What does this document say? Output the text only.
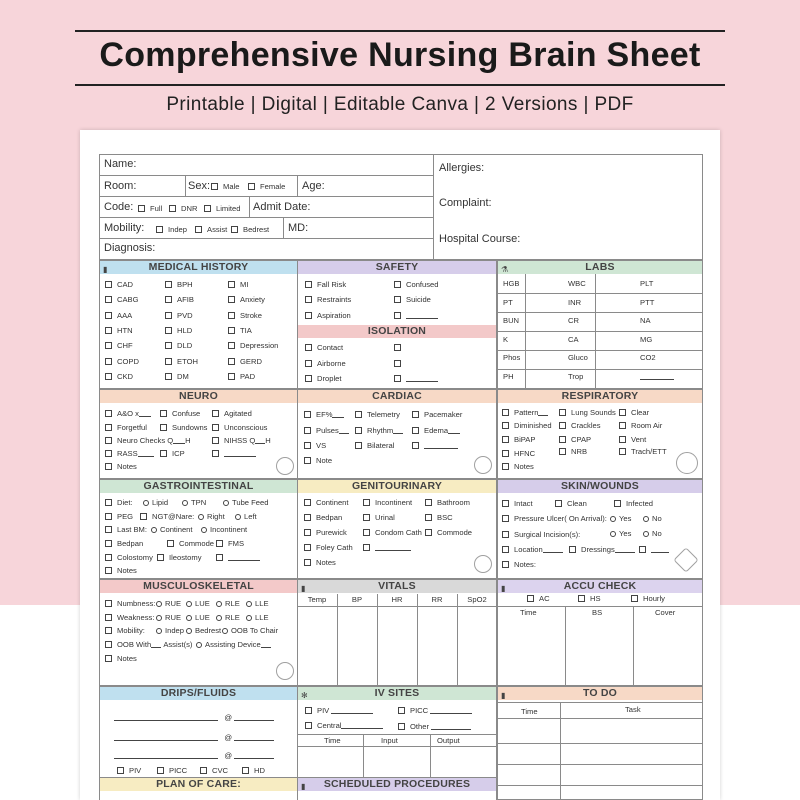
Comprehensive Nursing Brain Sheet
Printable | Digital | Editable Canva | 2 Versions | PDF
Name:
Room:	Sex:	Male	Female Age:
Code:	Full	DNR	Limited Admit Date:
Mobility:	Indep	Assist	Bedrest MD:
Diagnosis:
Allergies:
Complaint:
Hospital Course:
▮	MEDICAL HISTORY
CAD	BPH	MI
CABG	AFIB	Anxiety
AAA	PVD	Stroke
HTN	HLD	TIA
CHF	DLD	Depression
COPD	ETOH	GERD
CKD	DM	PAD
SAFETY
Fall Risk	Confused
Restraints	Suicide
Aspiration
ISOLATION
Contact
Airborne
Droplet
⚗	LABS
HGB	WBC	PLT
PT	INR	PTT
BUN	CR	NA
K	CA	MG
Phos	Gluco	CO2
PH	Trop
NEURO
A&O x	Confuse	Agitated
Forgetful	Sundowns	Unconscious
Neuro Checks Q H	NIHSS Q H
RASS	ICP
Notes
CARDIAC
EF%	Telemetry	Pacemaker
Pulses	Rhythm	Edema
VS	Bilateral
Note
RESPIRATORY
Pattern	Lung Sounds	Clear
Diminished	Crackles	Room Air
BiPAP	CPAP	Vent
HFNC	NRB	Trach/ETT
Notes
GASTROINTESTINAL
Diet:	Lipid	TPN	Tube Feed
PEG	NGT @Nare:	Right	Left
Last BM:	Continent	Incontinent
Bedpan	Commode	FMS
Colostomy	Ileostomy
Notes
GENITOURINARY
Continent	Incontinent	Bathroom
Bedpan	Urinal	BSC
Purewick	Condom Cath	Commode
Foley Cath
Notes
SKIN/WOUNDS
Intact	Clean	Infected
Pressure Ulcer( On Arrival):	Yes	No
Surgical Incision(s):	Yes	No
Location	Dressings
Notes:
MUSCULOSKELETAL
Numbness:	RUE	LUE	RLE	LLE
Weakness:	RUE	LUE	RLE	LLE
Mobility:	Indep	Bedrest	OOB To Chair
OOB With Assist(s)	Assisting Device
Notes
▮	VITALS
Temp	BP	HR	RR	SpO2
▮	ACCU CHECK
AC	HS	Hourly
Time	BS	Cover
DRIPS/FLUIDS
@
@
@
PIV	PICC	CVC	HD
✻	IV SITES
PIV	PICC
Central	Other
Time	Input	Output
▮	TO DO
Time	Task
PLAN OF CARE:	▮ SCHEDULED PROCEDURES
